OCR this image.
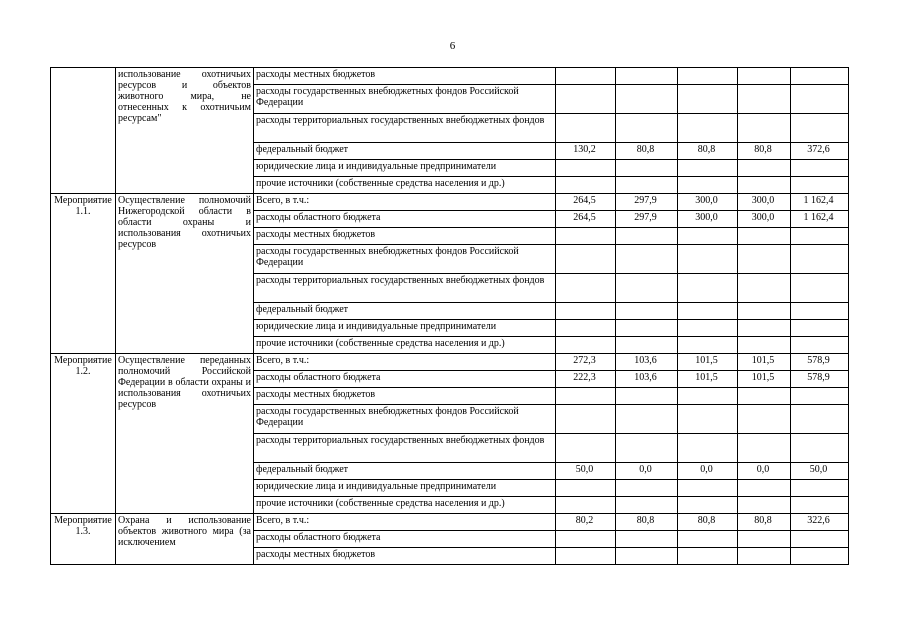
6
	использование охотничьих ресурсов и объектов животного мира, не отнесенных к охотничьим ресурсам"	расходы местных бюджетов					
		расходы государственных внебюджетных фондов Российской Федерации					
		расходы территориальных государственных внебюджетных фондов					
		федеральный бюджет	130,2	80,8	80,8	80,8	372,6
		юридические лица и индивидуальные предприниматели					
		прочие источники (собственные средства населения и др.)					
Мероприятие 1.1.	Осуществление полномочий Нижегородской области в области охраны и использования охотничьих ресурсов	Всего, в т.ч.:	264,5	297,9	300,0	300,0	1 162,4
		расходы областного бюджета	264,5	297,9	300,0	300,0	1 162,4
		расходы местных бюджетов					
		расходы государственных внебюджетных фондов Российской Федерации					
		расходы территориальных государственных внебюджетных фондов					
		федеральный бюджет					
		юридические лица и индивидуальные предприниматели					
		прочие источники (собственные средства населения и др.)					
Мероприятие 1.2.	Осуществление переданных полномочий Российской Федерации в области охраны и использования охотничьих ресурсов	Всего, в т.ч.:	272,3	103,6	101,5	101,5	578,9
		расходы областного бюджета	222,3	103,6	101,5	101,5	578,9
		расходы местных бюджетов					
		расходы государственных внебюджетных фондов Российской Федерации					
		расходы территориальных государственных внебюджетных фондов					
		федеральный бюджет	50,0	0,0	0,0	0,0	50,0
		юридические лица и индивидуальные предприниматели					
		прочие источники (собственные средства населения и др.)					
Мероприятие 1.3.	Охрана и использование объектов животного мира (за исключением	Всего, в т.ч.:	80,2	80,8	80,8	80,8	322,6
		расходы областного бюджета					
		расходы местных бюджетов					
